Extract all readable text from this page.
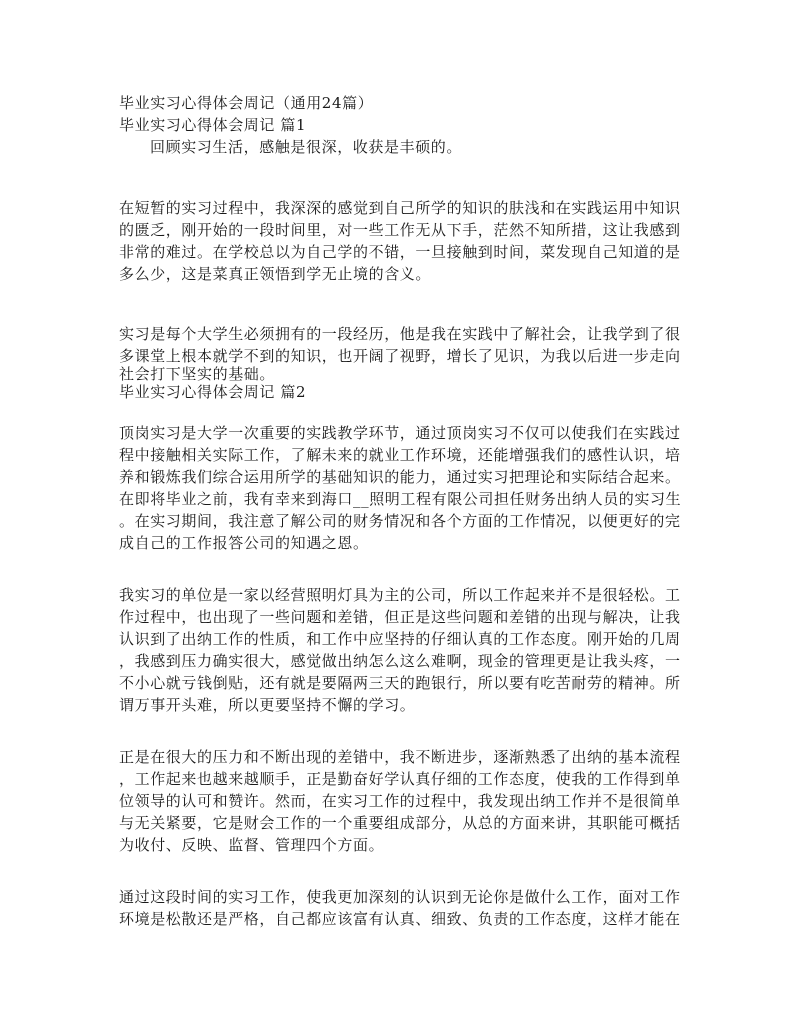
毕业实习心得体会周记（通用24篇）
毕业实习心得体会周记 篇1
回顾实习生活，感触是很深，收获是丰硕的。
在短暂的实习过程中，我深深的感觉到自己所学的知识的肤浅和在实践运用中知识
的匮乏，刚开始的一段时间里，对一些工作无从下手，茫然不知所措，这让我感到
非常的难过。在学校总以为自己学的不错，一旦接触到时间，菜发现自己知道的是
多么少，这是菜真正领悟到学无止境的含义。
实习是每个大学生必须拥有的一段经历，他是我在实践中了解社会，让我学到了很
多课堂上根本就学不到的知识，也开阔了视野，增长了见识，为我以后进一步走向
社会打下坚实的基础。
毕业实习心得体会周记 篇2
顶岗实习是大学一次重要的实践教学环节，通过顶岗实习不仅可以使我们在实践过
程中接触相关实际工作，了解未来的就业工作环境，还能增强我们的感性认识，培
养和锻炼我们综合运用所学的基础知识的能力，通过实习把理论和实际结合起来。
在即将毕业之前，我有幸来到海口__照明工程有限公司担任财务出纳人员的实习生
。在实习期间，我注意了解公司的财务情况和各个方面的工作情况，以便更好的完
成自己的工作报答公司的知遇之恩。
我实习的单位是一家以经营照明灯具为主的公司，所以工作起来并不是很轻松。工
作过程中，也出现了一些问题和差错，但正是这些问题和差错的出现与解决，让我
认识到了出纳工作的性质，和工作中应坚持的仔细认真的工作态度。刚开始的几周
，我感到压力确实很大，感觉做出纳怎么这么难啊，现金的管理更是让我头疼，一
不小心就亏钱倒贴，还有就是要隔两三天的跑银行，所以要有吃苦耐劳的精神。所
谓万事开头难，所以更要坚持不懈的学习。
正是在很大的压力和不断出现的差错中，我不断进步，逐渐熟悉了出纳的基本流程
，工作起来也越来越顺手，正是勤奋好学认真仔细的工作态度，使我的工作得到单
位领导的认可和赞许。然而，在实习工作的过程中，我发现出纳工作并不是很简单
与无关紧要，它是财会工作的一个重要组成部分，从总的方面来讲，其职能可概括
为收付、反映、监督、管理四个方面。
通过这段时间的实习工作，使我更加深刻的认识到无论你是做什么工作，面对工作
环境是松散还是严格，自己都应该富有认真、细致、负责的工作态度，这样才能在
